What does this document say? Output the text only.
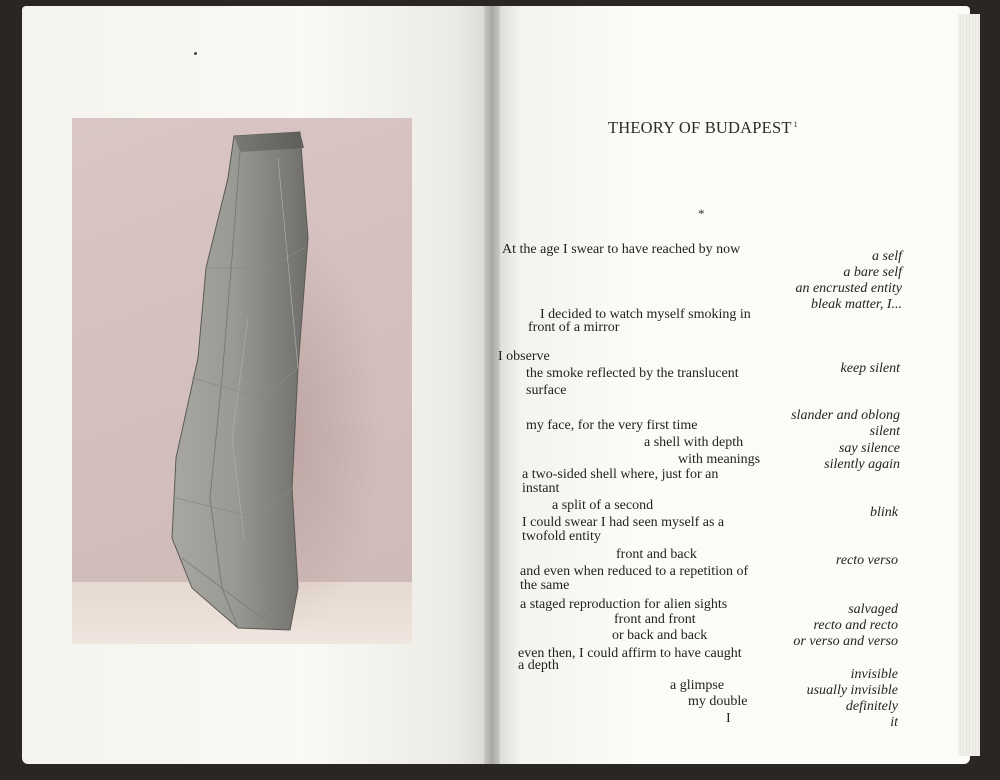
THEORY OF BUDAPEST $^1$
*
At the age I swear to have reached by now
I decided to watch myself smoking in
front of a mirror
I observe
the smoke reflected by the translucent
surface
my face, for the very first time
a shell with depth
with meanings
a two-sided shell where, just for an
instant
a split of a second
I could swear I had seen myself as a
twofold entity
front and back
and even when reduced to a repetition of
the same
a staged reproduction for alien sights
front and front
or back and back
even then, I could affirm to have caught
a depth
a glimpse
my double
I
a self
a bare self
an encrusted entity
bleak matter, I...
keep silent
slander and oblong
silent
say silence
silently again
blink
recto verso
salvaged
recto and recto
or verso and verso
invisible
usually invisible
definitely
it
